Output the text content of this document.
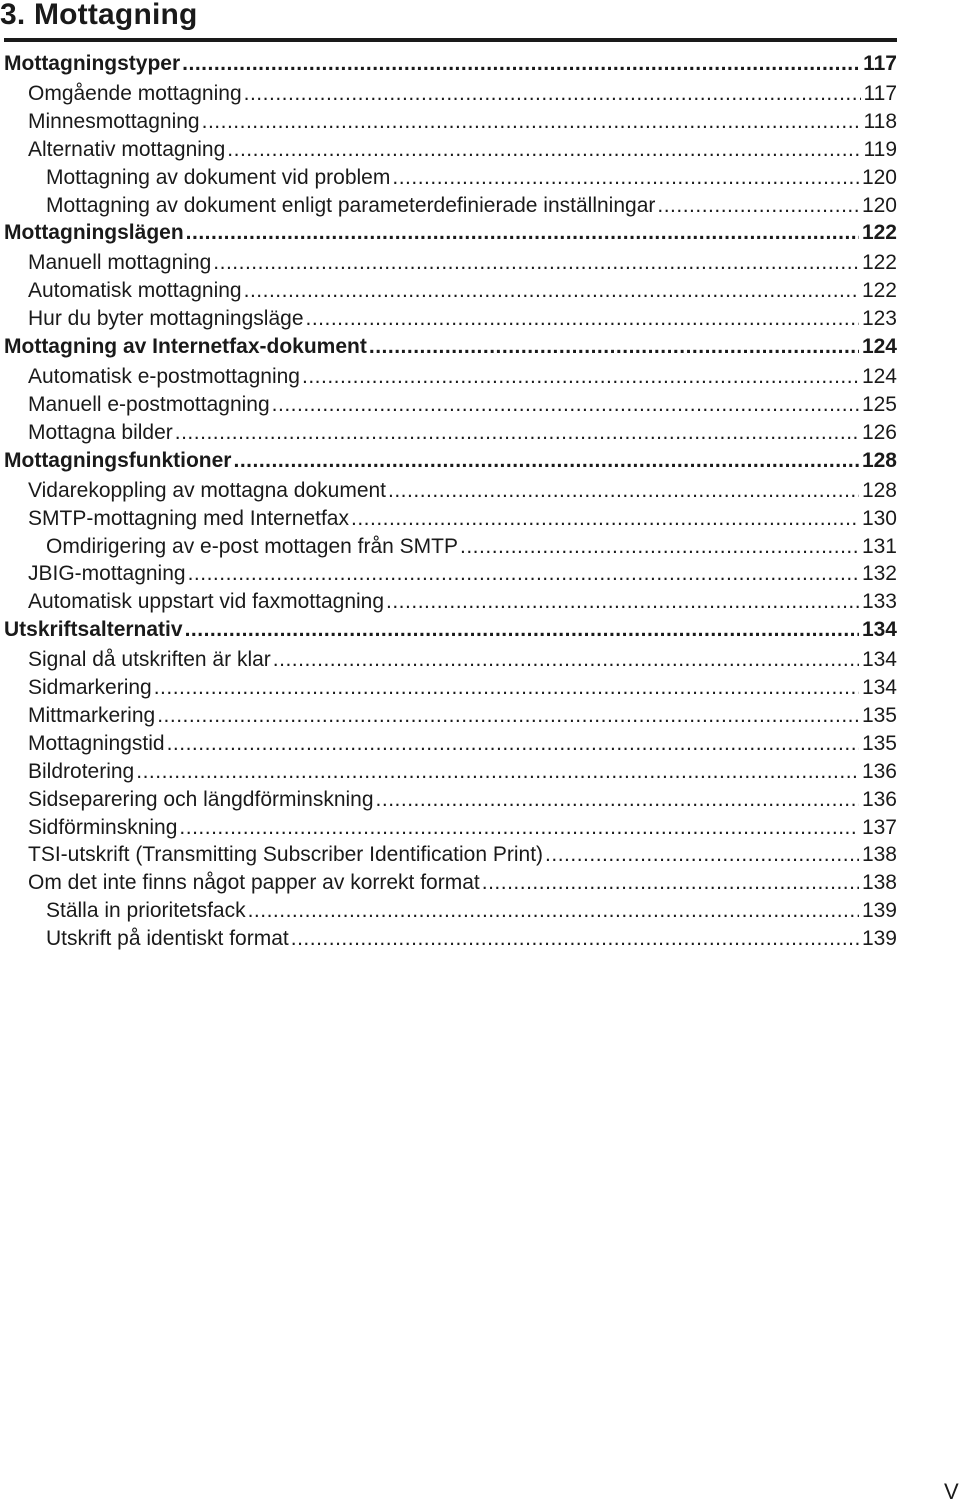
3. Mottagning
Mottagningstyper .....	117
Omgående mottagning .....	117
Minnesmottagning .....	118
Alternativ mottagning .....	119
Mottagning av dokument vid problem .....	120
Mottagning av dokument enligt parameterdefinierade inställningar .....	120
Mottagningslägen .....	122
Manuell mottagning .....	122
Automatisk mottagning .....	122
Hur du byter mottagningsläge .....	123
Mottagning av Internetfax-dokument .....	124
Automatisk e-postmottagning .....	124
Manuell e-postmottagning .....	125
Mottagna bilder .....	126
Mottagningsfunktioner .....	128
Vidarekoppling av mottagna dokument .....	128
SMTP-mottagning med Internetfax .....	130
Omdirigering av e-post mottagen från SMTP .....	131
JBIG-mottagning .....	132
Automatisk uppstart vid faxmottagning .....	133
Utskriftsalternativ .....	134
Signal då utskriften är klar .....	134
Sidmarkering .....	134
Mittmarkering .....	135
Mottagningstid .....	135
Bildrotering .....	136
Sidseparering och längdförminskning .....	136
Sidförminskning .....	137
TSI-utskrift (Transmitting Subscriber Identification Print) .....	138
Om det inte finns något papper av korrekt format .....	138
Ställa in prioritetsfack .....	139
Utskrift på identiskt format .....	139
V
